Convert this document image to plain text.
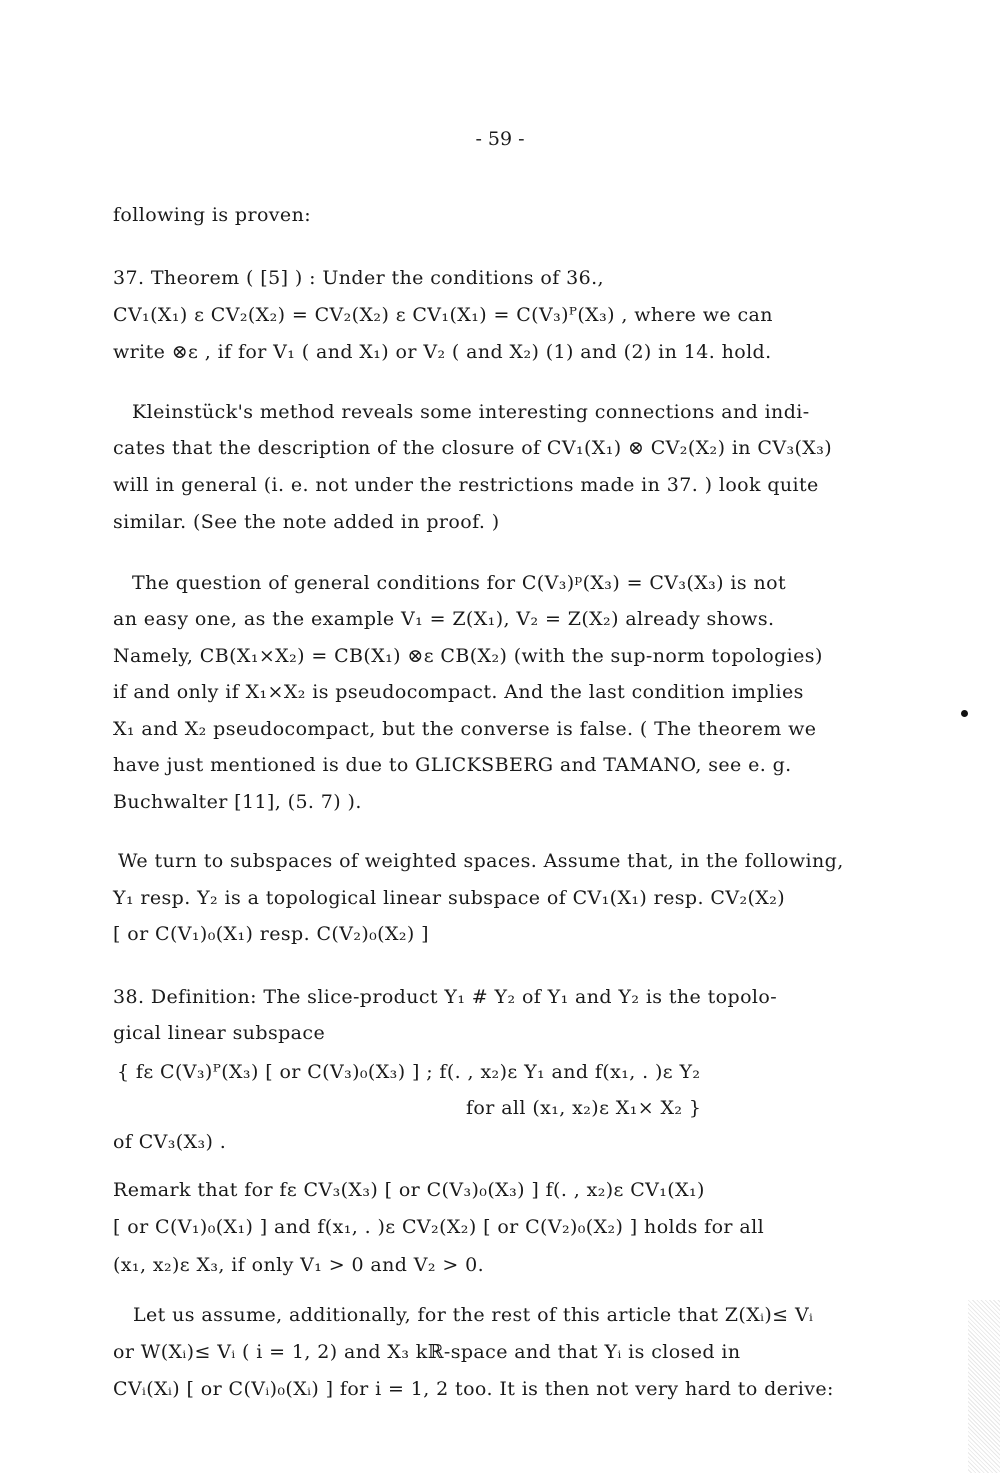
- 59 -
following is proven:
37. Theorem ( [5] ) : Under the conditions of 36.,
CV₁(X₁) ε CV₂(X₂) = CV₂(X₂) ε CV₁(X₁) = C(V₃)ᴾ(X₃) , where we can
write ⊗ε , if for V₁ ( and X₁) or V₂ ( and X₂) (1) and (2) in 14. hold.
Kleinstück's method reveals some interesting connections and indi-
cates that the description of the closure of CV₁(X₁) ⊗ CV₂(X₂) in CV₃(X₃)
will in general (i. e. not under the restrictions made in 37. ) look quite
similar. (See the note added in proof. )
The question of general conditions for C(V₃)ᵖ(X₃) = CV₃(X₃) is not
an easy one, as the example V₁ = Z(X₁), V₂ = Z(X₂) already shows.
Namely, CB(X₁×X₂) = CB(X₁) ⊗ε CB(X₂) (with the sup-norm topologies)
if and only if X₁×X₂ is pseudocompact. And the last condition implies
X₁ and X₂ pseudocompact, but the converse is false. ( The theorem we
have just mentioned is due to GLICKSBERG and TAMANO, see e. g.
Buchwalter [11], (5. 7) ).
We turn to subspaces of weighted spaces. Assume that, in the following,
Y₁ resp. Y₂ is a topological linear subspace of CV₁(X₁) resp. CV₂(X₂)
[ or C(V₁)₀(X₁) resp. C(V₂)₀(X₂) ]
38. Definition: The slice-product Y₁ # Y₂ of Y₁ and Y₂ is the topolo-
gical linear subspace
{ fε C(V₃)ᴾ(X₃) [ or C(V₃)₀(X₃) ] ; f(. , x₂)ε Y₁ and f(x₁, . )ε Y₂
for all (x₁, x₂)ε X₁× X₂ }
of CV₃(X₃) .
Remark that for fε CV₃(X₃) [ or C(V₃)₀(X₃) ] f(. , x₂)ε CV₁(X₁)
[ or C(V₁)₀(X₁) ] and f(x₁, . )ε CV₂(X₂) [ or C(V₂)₀(X₂) ] holds for all
(x₁, x₂)ε X₃, if only V₁ > 0 and V₂ > 0.
Let us assume, additionally, for the rest of this article that Z(Xᵢ)≤ Vᵢ
or W(Xᵢ)≤ Vᵢ ( i = 1, 2) and X₃ kℝ-space and that Yᵢ is closed in
CVᵢ(Xᵢ) [ or C(Vᵢ)₀(Xᵢ) ] for i = 1, 2 too. It is then not very hard to derive:
